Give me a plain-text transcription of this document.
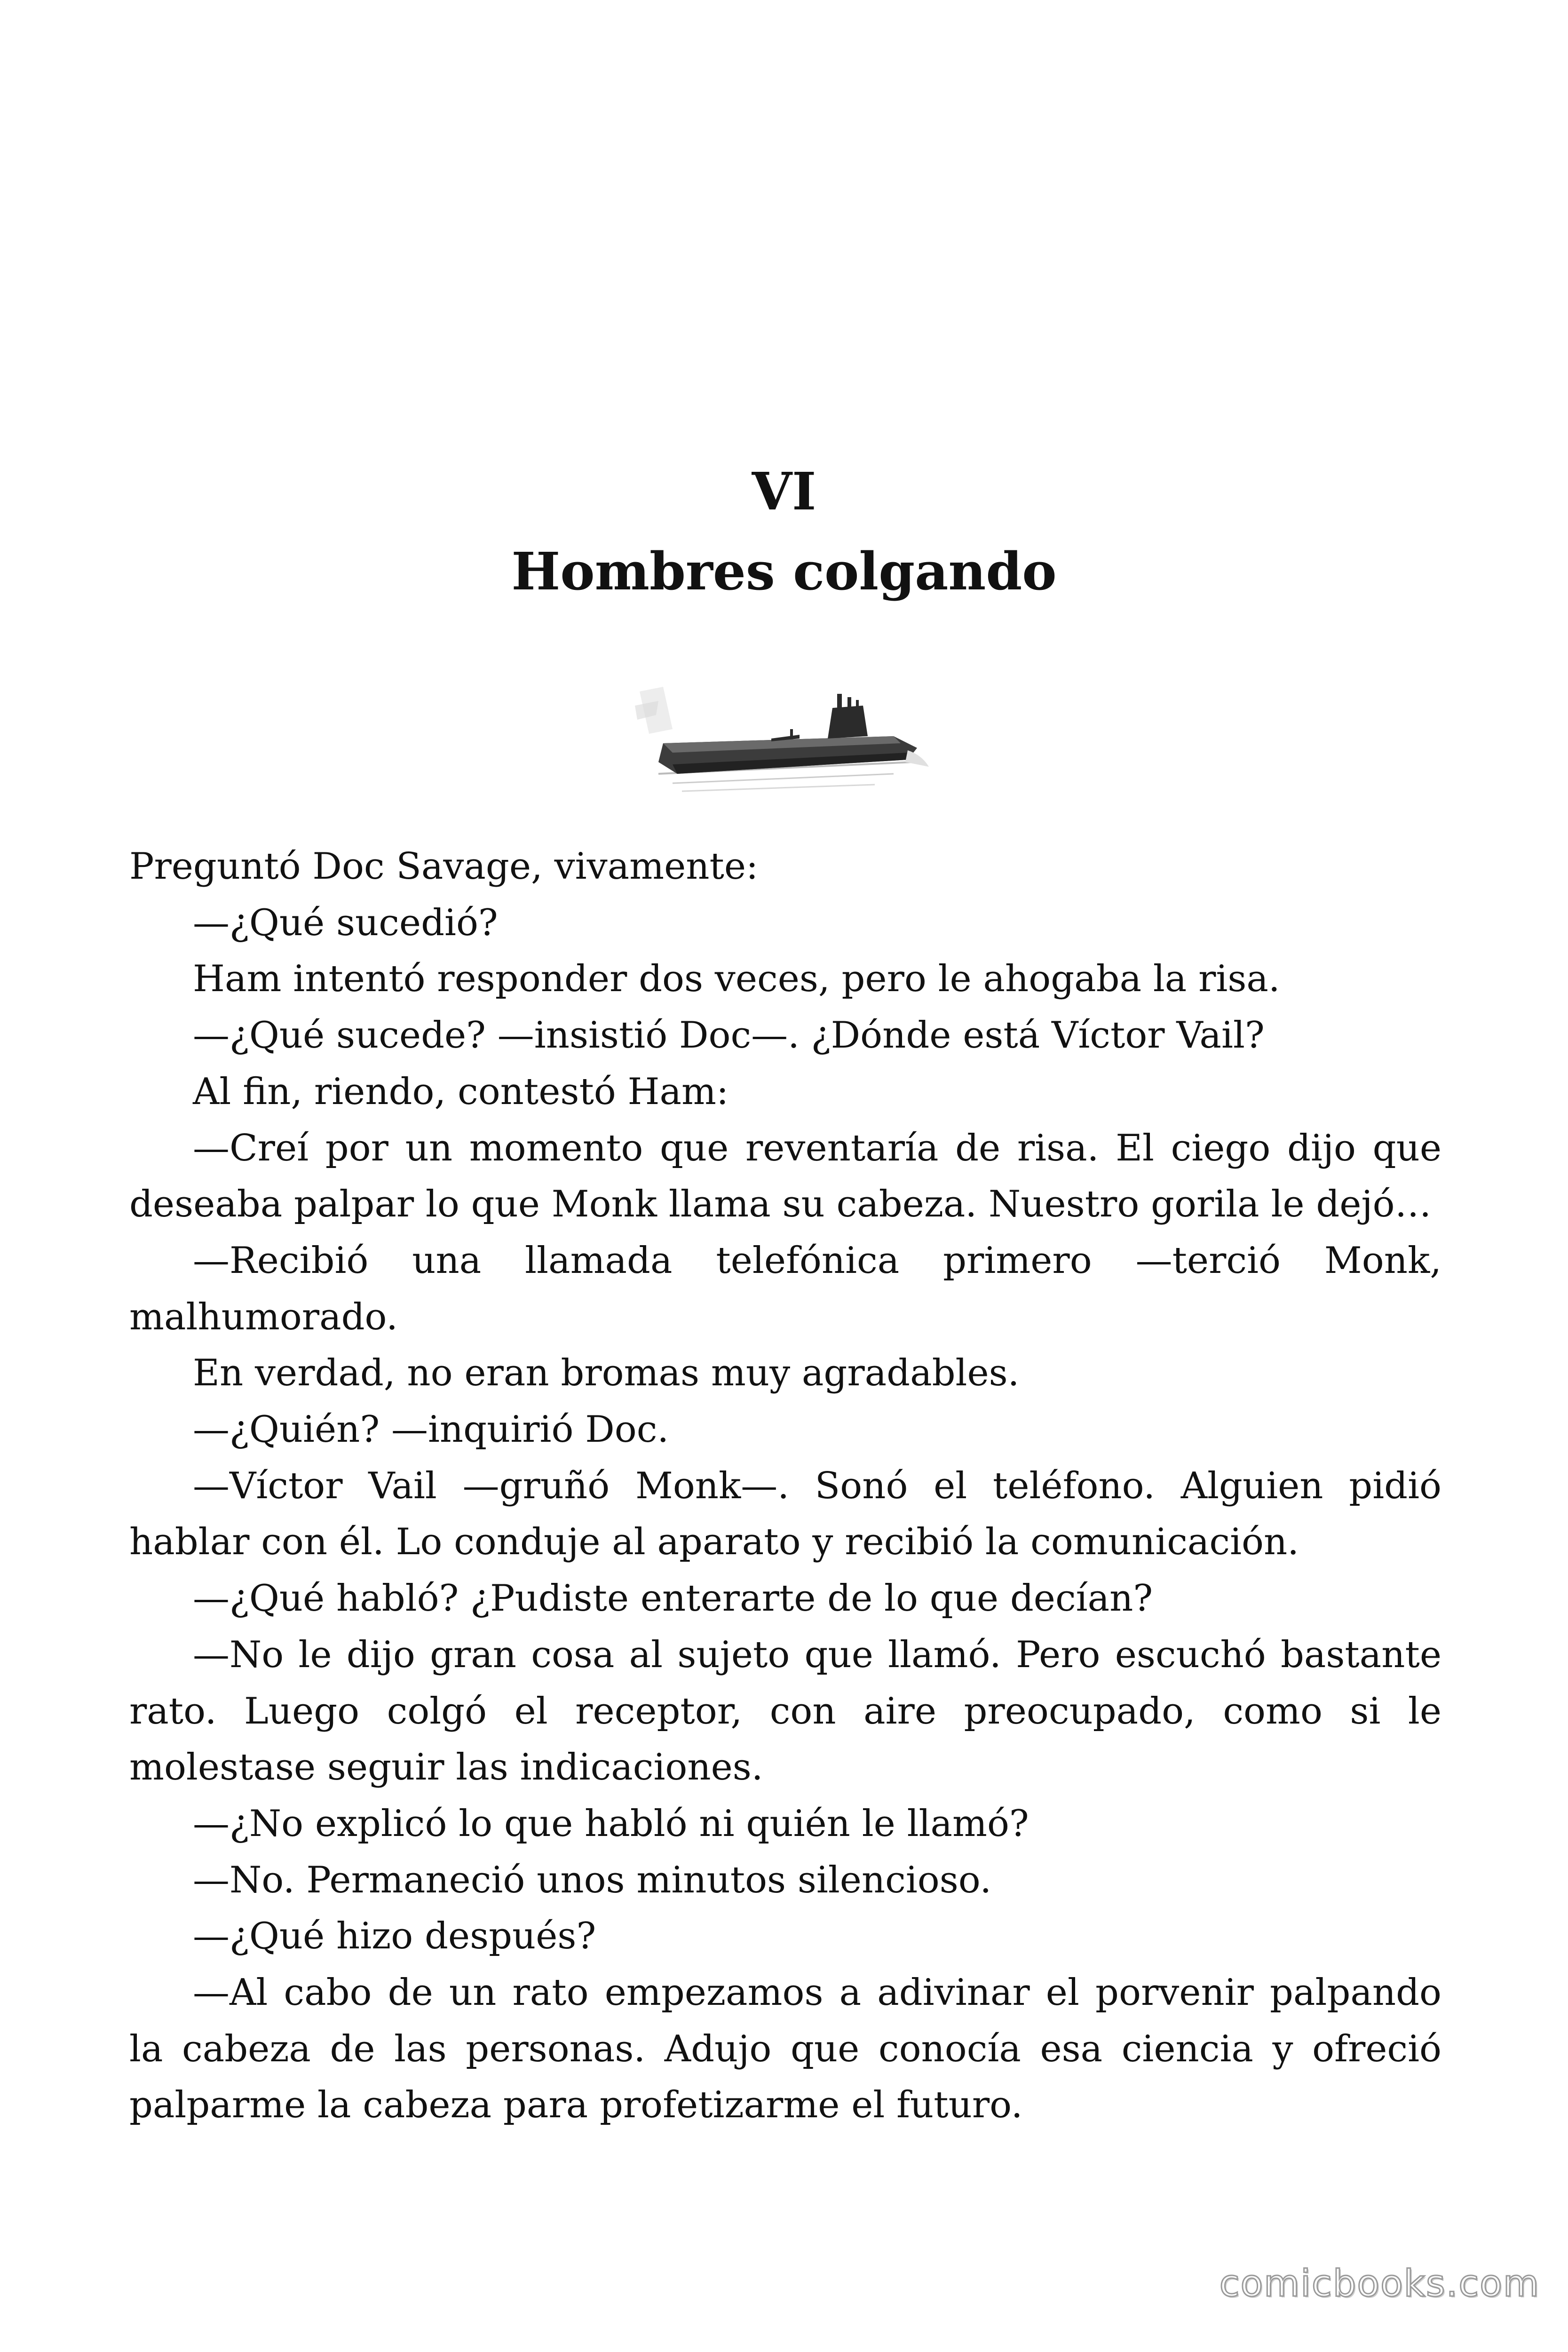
VI
Hombres colgando

Preguntó Doc Savage, vivamente:

—¿Qué sucedió?

Ham intentó responder dos veces, pero le ahogaba la risa.

—¿Qué sucede? —insistió Doc—. ¿Dónde está Víctor Vail?

Al fin, riendo, contestó Ham:

—Creí por un momento que reventaría de risa. El ciego dijo que deseaba palpar lo que Monk llama su cabeza. Nuestro gorila le dejó…

—Recibió una llamada telefónica primero —terció Monk, malhumorado.

En verdad, no eran bromas muy agradables.

—¿Quién? —inquirió Doc.

—Víctor Vail —gruñó Monk—. Sonó el teléfono. Alguien pidió hablar con él. Lo conduje al aparato y recibió la comunicación.

—¿Qué habló? ¿Pudiste enterarte de lo que decían?

—No le dijo gran cosa al sujeto que llamó. Pero escuchó bastante rato. Luego colgó el receptor, con aire preocupado, como si le molestase seguir las indicaciones.

—¿No explicó lo que habló ni quién le llamó?

—No. Permaneció unos minutos silencioso.

—¿Qué hizo después?

—Al cabo de un rato empezamos a adivinar el porvenir palpando la cabeza de las personas. Adujo que conocía esa ciencia y ofreció palparme la cabeza para profetizarme el futuro.

comicbooks.com
